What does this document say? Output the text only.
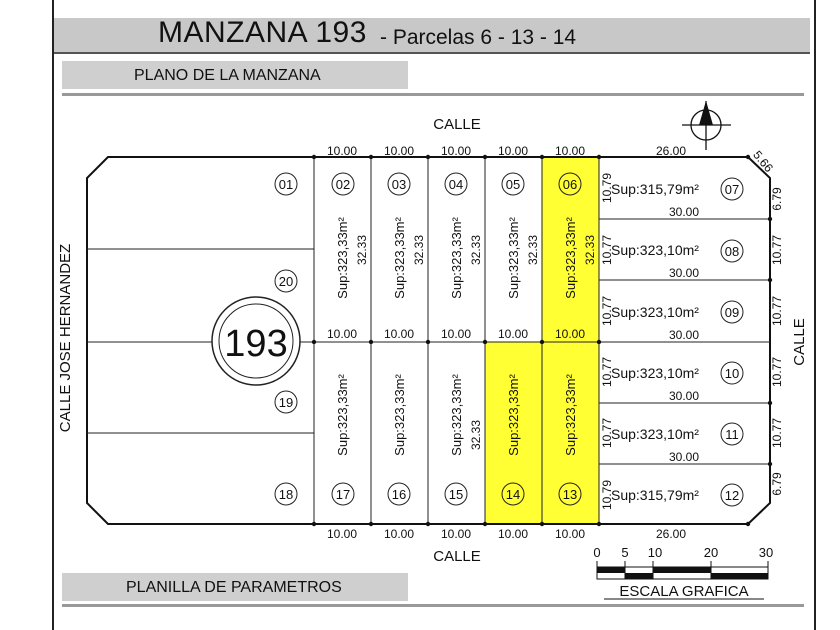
MANZANA 193 - Parcelas 6 - 13 - 14
PLANO DE LA MANZANA
PLANILLA DE PARAMETROS
CALLE
CALLE
CALLE
CALLE JOSE HERNANDEZ
10.00 10.00 10.00 10.00 10.00	26.00
10.00 10.00 10.00 10.00 10.00
10.00 10.00 10.00 10.00 10.00	26.00
30.00
30.00
30.00
30.00
30.00
6.79
10.77
10.77
10.77
10.77
6.79
5.66
10.79
10.77
10.77
10.77
10.77
10.79
Sup:323,33m²	Sup:323,33m²	Sup:323,33m²	Sup:323,33m²	Sup:323,33m²
32.33	32.33	32.33	32.33	32.33
Sup:323,33m²	Sup:323,33m²	Sup:323,33m²	Sup:323,33m²	Sup:323,33m²
32.33
Sup:315,79m²
Sup:323,10m²
Sup:323,10m²
Sup:323,10m²
Sup:323,10m²
Sup:315,79m²
01	02	03	04	05	06	07
08
09
10
11
12
13
14
15
16
17
18
19
20
193
0 5 10	20	30
ESCALA GRAFICA
